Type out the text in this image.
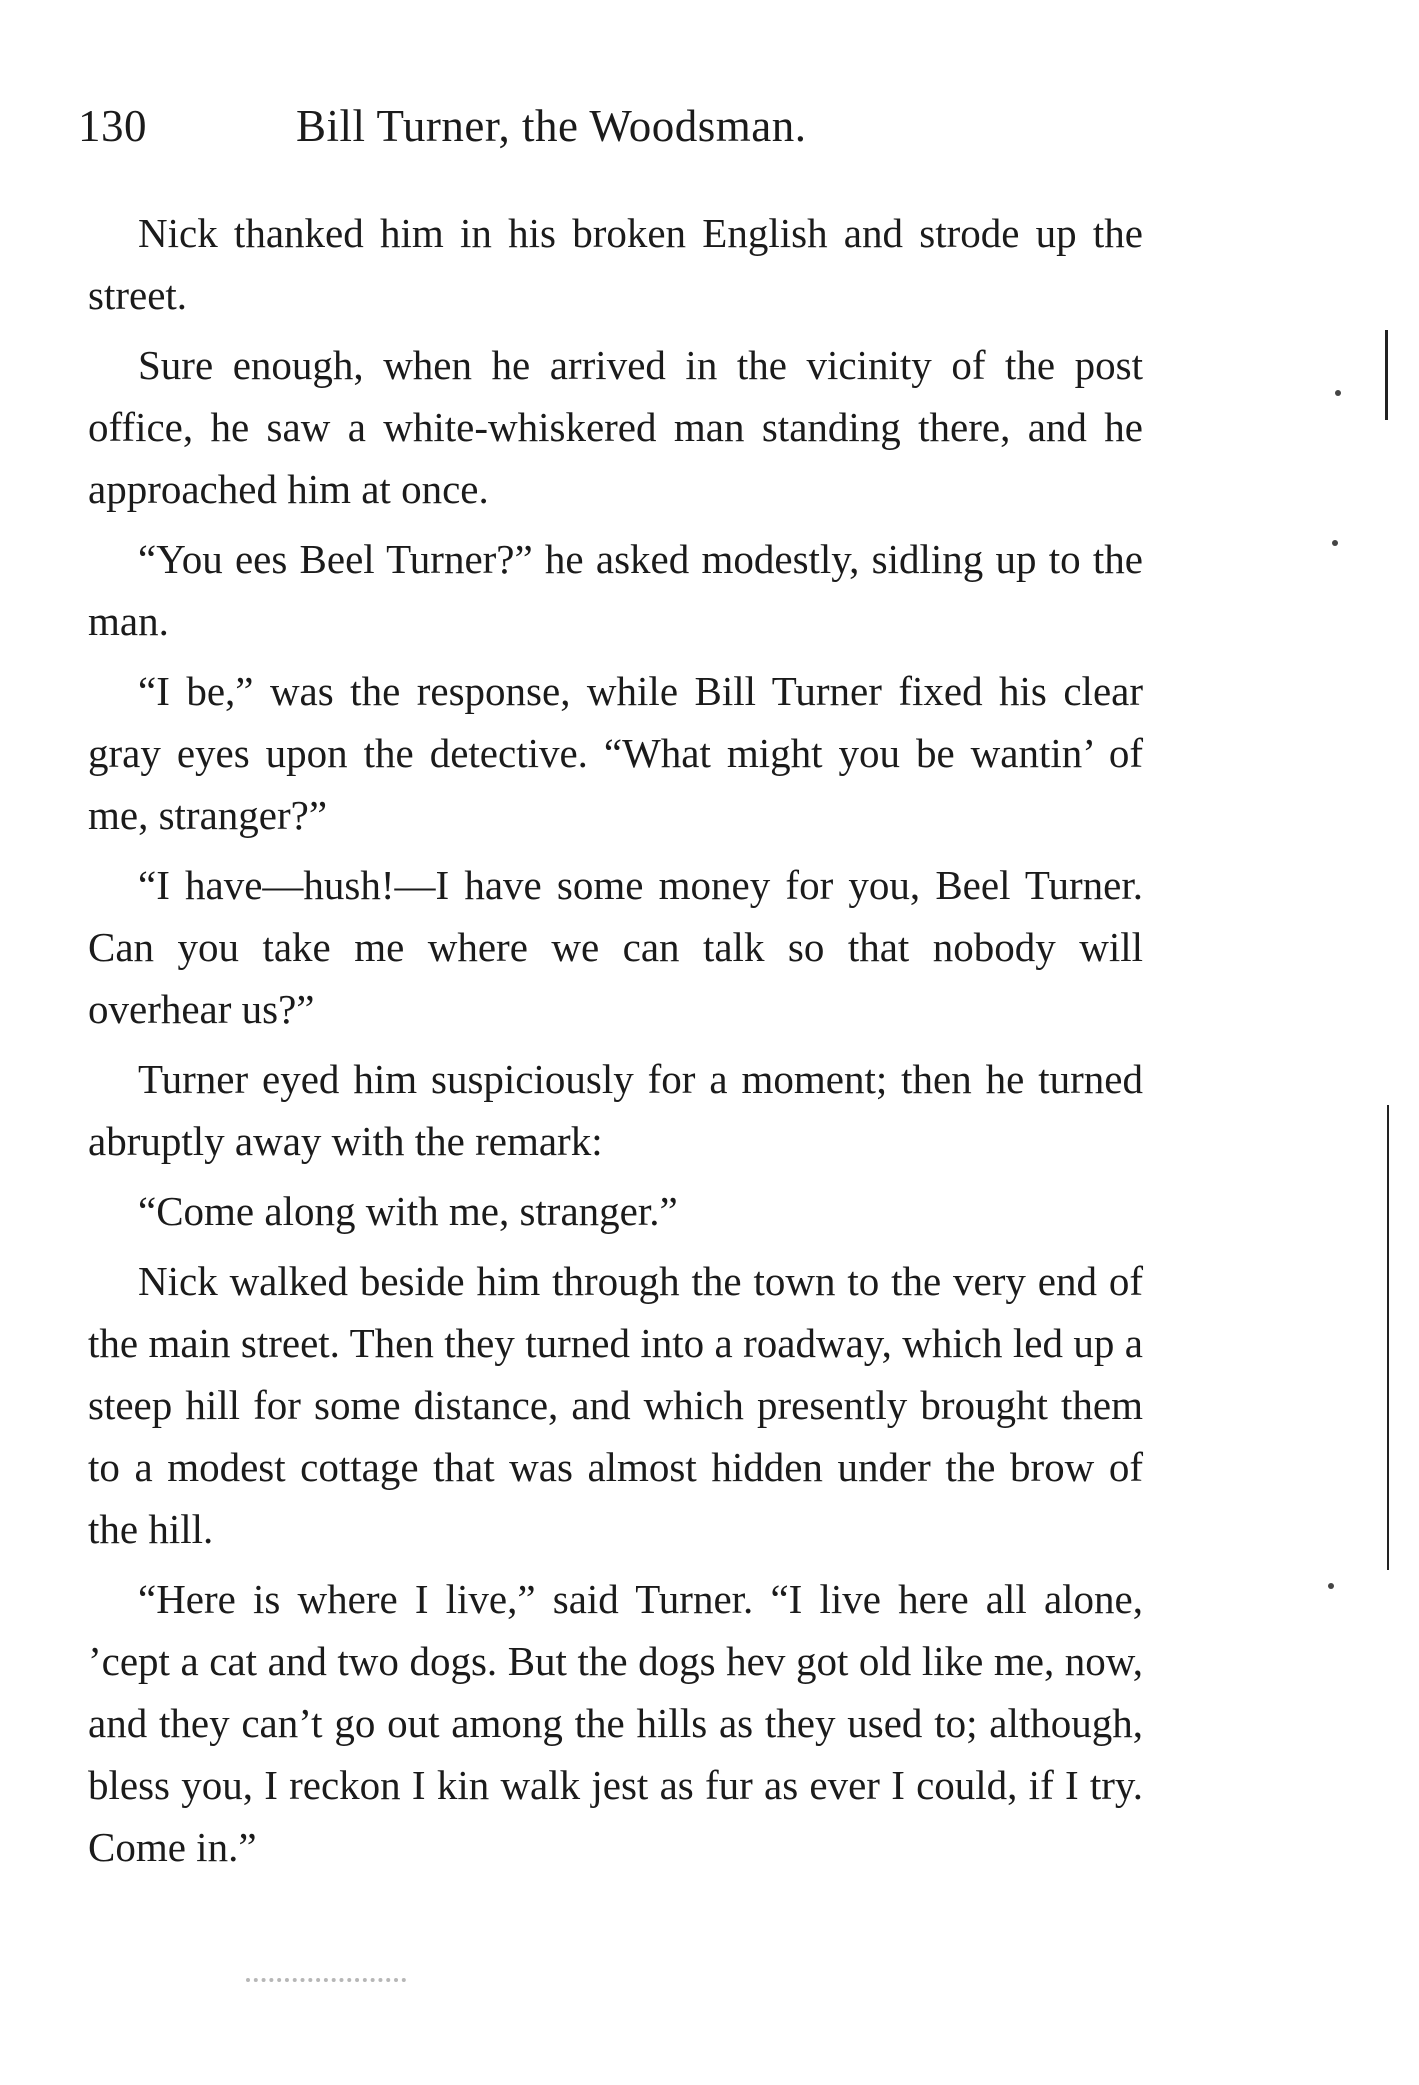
130	Bill Turner, the Woodsman.

Nick thanked him in his broken English and strode up the street.

Sure enough, when he arrived in the vicinity of the post office, he saw a white-whiskered man standing there, and he approached him at once.

“You ees Beel Turner?” he asked modestly, sidling up to the man.

“I be,” was the response, while Bill Turner fixed his clear gray eyes upon the detective. “What might you be wantin’ of me, stranger?”

“I have—hush!—I have some money for you, Beel Turner. Can you take me where we can talk so that nobody will overhear us?”

Turner eyed him suspiciously for a moment; then he turned abruptly away with the remark:

“Come along with me, stranger.”

Nick walked beside him through the town to the very end of the main street. Then they turned into a roadway, which led up a steep hill for some distance, and which presently brought them to a modest cottage that was almost hidden under the brow of the hill.

“Here is where I live,” said Turner. “I live here all alone, ’cept a cat and two dogs. But the dogs hev got old like me, now, and they can’t go out among the hills as they used to; although, bless you, I reckon I kin walk jest as fur as ever I could, if I try. Come in.”
